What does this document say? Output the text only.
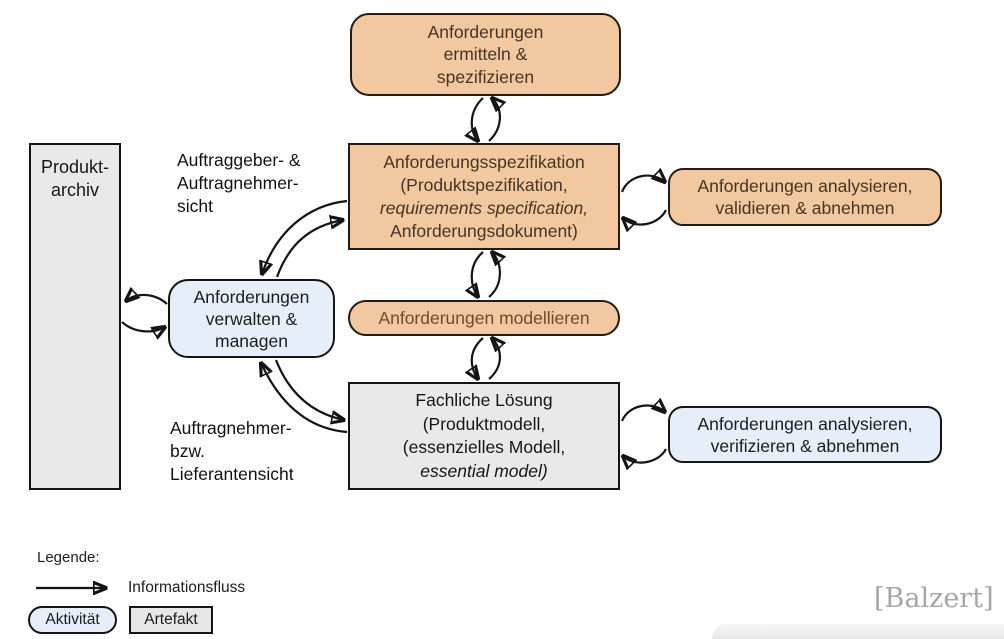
Produkt-
archiv
Anforderungen
ermitteln &
spezifizieren
Anforderungsspezifikation
(Produktspezifikation,
requirements specification,
Anforderungsdokument)
Anforderungen analysieren,
validieren & abnehmen
Anforderungen
verwalten &
managen
Anforderungen modellieren
Fachliche Lösung
(Produktmodell,
(essenzielles Modell,
essential model)
Anforderungen analysieren,
verifizieren & abnehmen
Auftraggeber- &
Auftragnehmer-
sicht
Auftragnehmer-
bzw.
Lieferantensicht
Legende:
Informationsfluss
Aktivität	Artefakt
[Balzert]
